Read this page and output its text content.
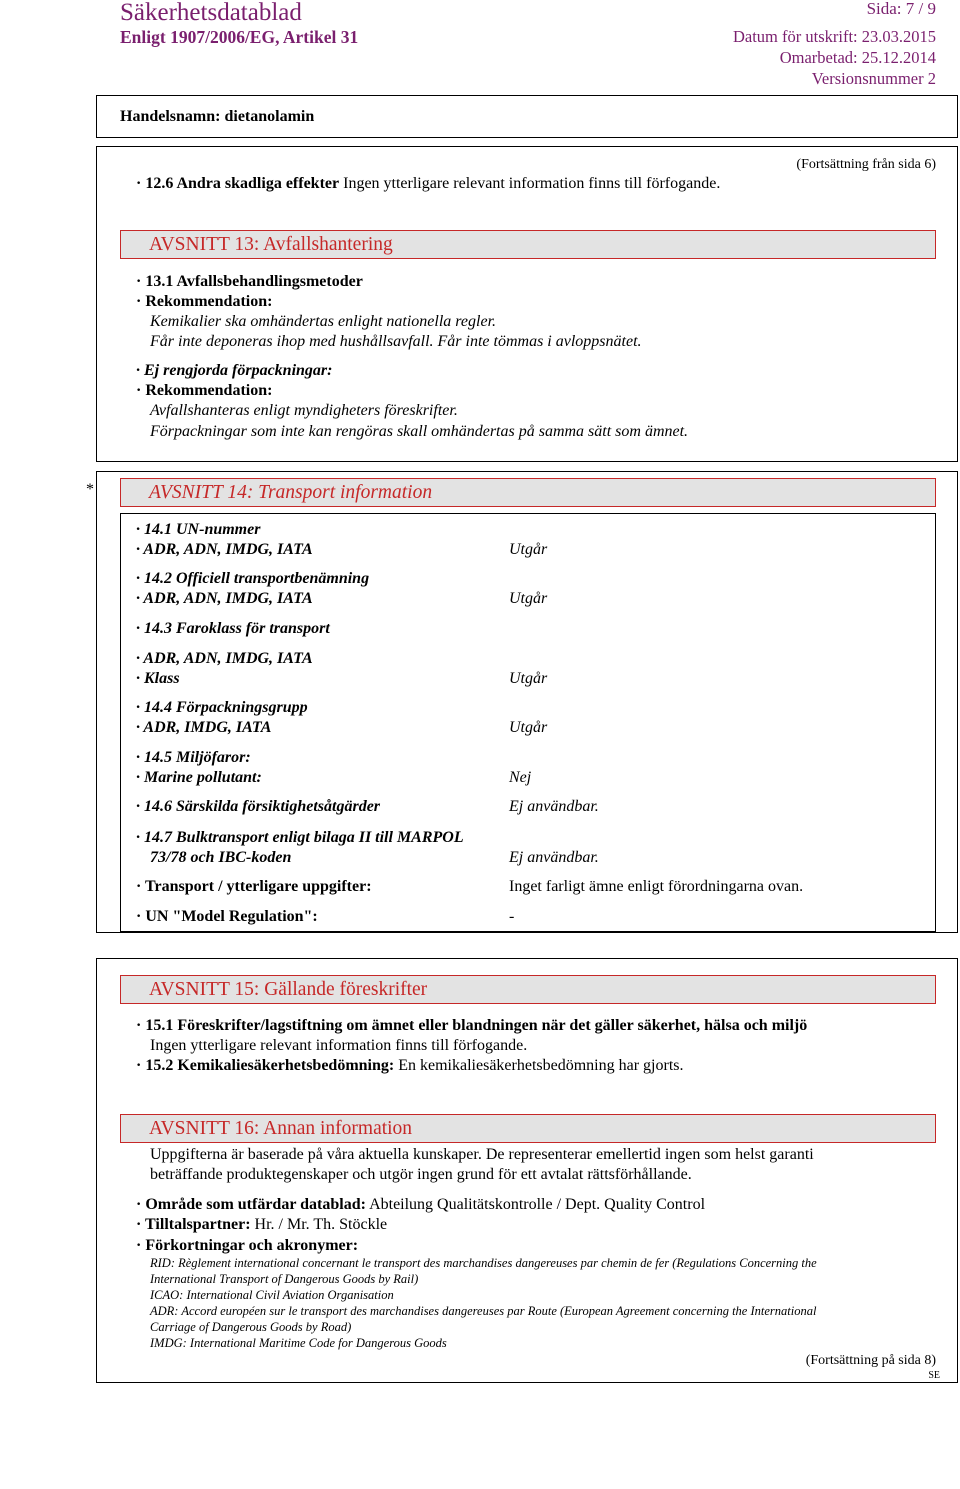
Säkerhetsdatablad
Enligt 1907/2006/EG, Artikel 31
Sida: 7 / 9
Datum för utskrift: 23.03.2015
Omarbetad: 25.12.2014
Versionsnummer 2
Handelsnamn: dietanolamin
(Fortsättning från sida 6)
· 12.6 Andra skadliga effekter Ingen ytterligare relevant information finns till förfogande.
AVSNITT 13: Avfallshantering
· 13.1 Avfallsbehandlingsmetoder
· Rekommendation:
Kemikalier ska omhändertas enlight nationella regler.
Får inte deponeras ihop med hushållsavfall. Får inte tömmas i avloppsnätet.
· Ej rengjorda förpackningar:
· Rekommendation:
Avfallshanteras enligt myndigheters föreskrifter.
Förpackningar som inte kan rengöras skall omhändertas på samma sätt som ämnet.
*	AVSNITT 14: Transport information
· 14.1 UN-nummer
· ADR, ADN, IMDG, IATA	Utgår
· 14.2 Officiell transportbenämning
· ADR, ADN, IMDG, IATA	Utgår
· 14.3 Faroklass för transport
· ADR, ADN, IMDG, IATA
· Klass	Utgår
· 14.4 Förpackningsgrupp
· ADR, IMDG, IATA	Utgår
· 14.5 Miljöfaror:
· Marine pollutant:	Nej
· 14.6 Särskilda försiktighetsåtgärder	Ej användbar.
· 14.7 Bulktransport enligt bilaga II till MARPOL
73/78 och IBC-koden	Ej användbar.
· Transport / ytterligare uppgifter:	Inget farligt ämne enligt förordningarna ovan.
· UN "Model Regulation":	-
AVSNITT 15: Gällande föreskrifter
· 15.1 Föreskrifter/lagstiftning om ämnet eller blandningen när det gäller säkerhet, hälsa och miljö
Ingen ytterligare relevant information finns till förfogande.
· 15.2 Kemikaliesäkerhetsbedömning: En kemikaliesäkerhetsbedömning har gjorts.
AVSNITT 16: Annan information
Uppgifterna är baserade på våra aktuella kunskaper. De representerar emellertid ingen som helst garanti
beträffande produktegenskaper och utgör ingen grund för ett avtalat rättsförhållande.
· Område som utfärdar datablad: Abteilung Qualitätskontrolle / Dept. Quality Control
· Tilltalspartner: Hr. / Mr. Th. Stöckle
· Förkortningar och akronymer:
RID: Règlement international concernant le transport des marchandises dangereuses par chemin de fer (Regulations Concerning the
International Transport of Dangerous Goods by Rail)
ICAO: International Civil Aviation Organisation
ADR: Accord européen sur le transport des marchandises dangereuses par Route (European Agreement concerning the International
Carriage of Dangerous Goods by Road)
IMDG: International Maritime Code for Dangerous Goods
(Fortsättning på sida 8)
SE
